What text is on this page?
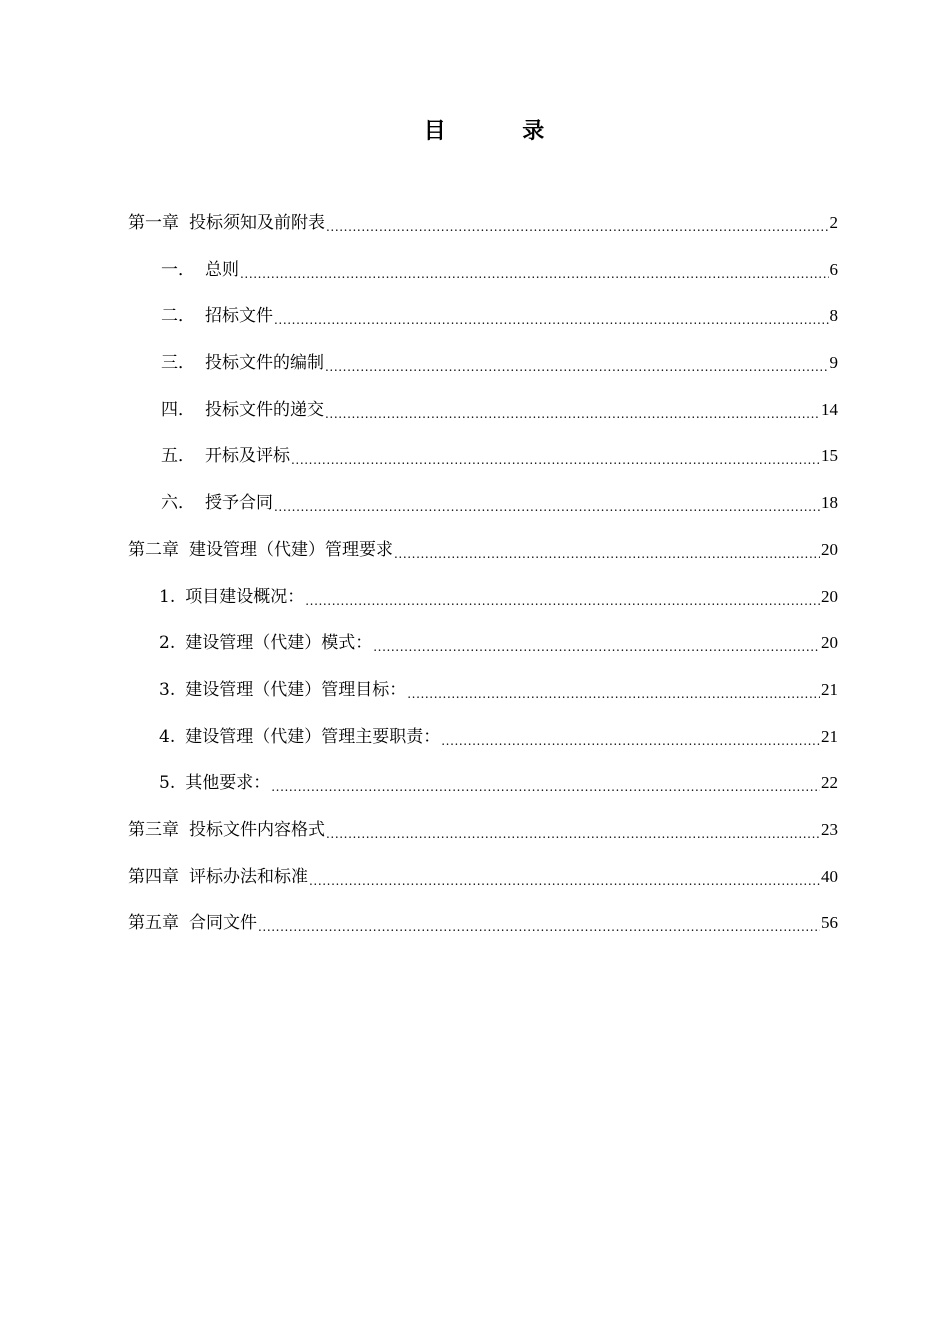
目          录
第一章 投标须知及前附表 .....	2
一． 总则 .....	6
二． 招标文件 .....	8
三． 投标文件的编制 .....	9
四． 投标文件的递交 .....	14
五． 开标及评标 .....	15
六． 授予合同 .....	18
第二章 建设管理（代建）管理要求 .....	20
1. 项目建设概况： .....	20
2. 建设管理（代建）模式： .....	20
3. 建设管理（代建）管理目标： .....	21
4. 建设管理（代建）管理主要职责： .....	21
5. 其他要求： .....	22
第三章 投标文件内容格式 .....	23
第四章 评标办法和标准 .....	40
第五章 合同文件 .....	56
